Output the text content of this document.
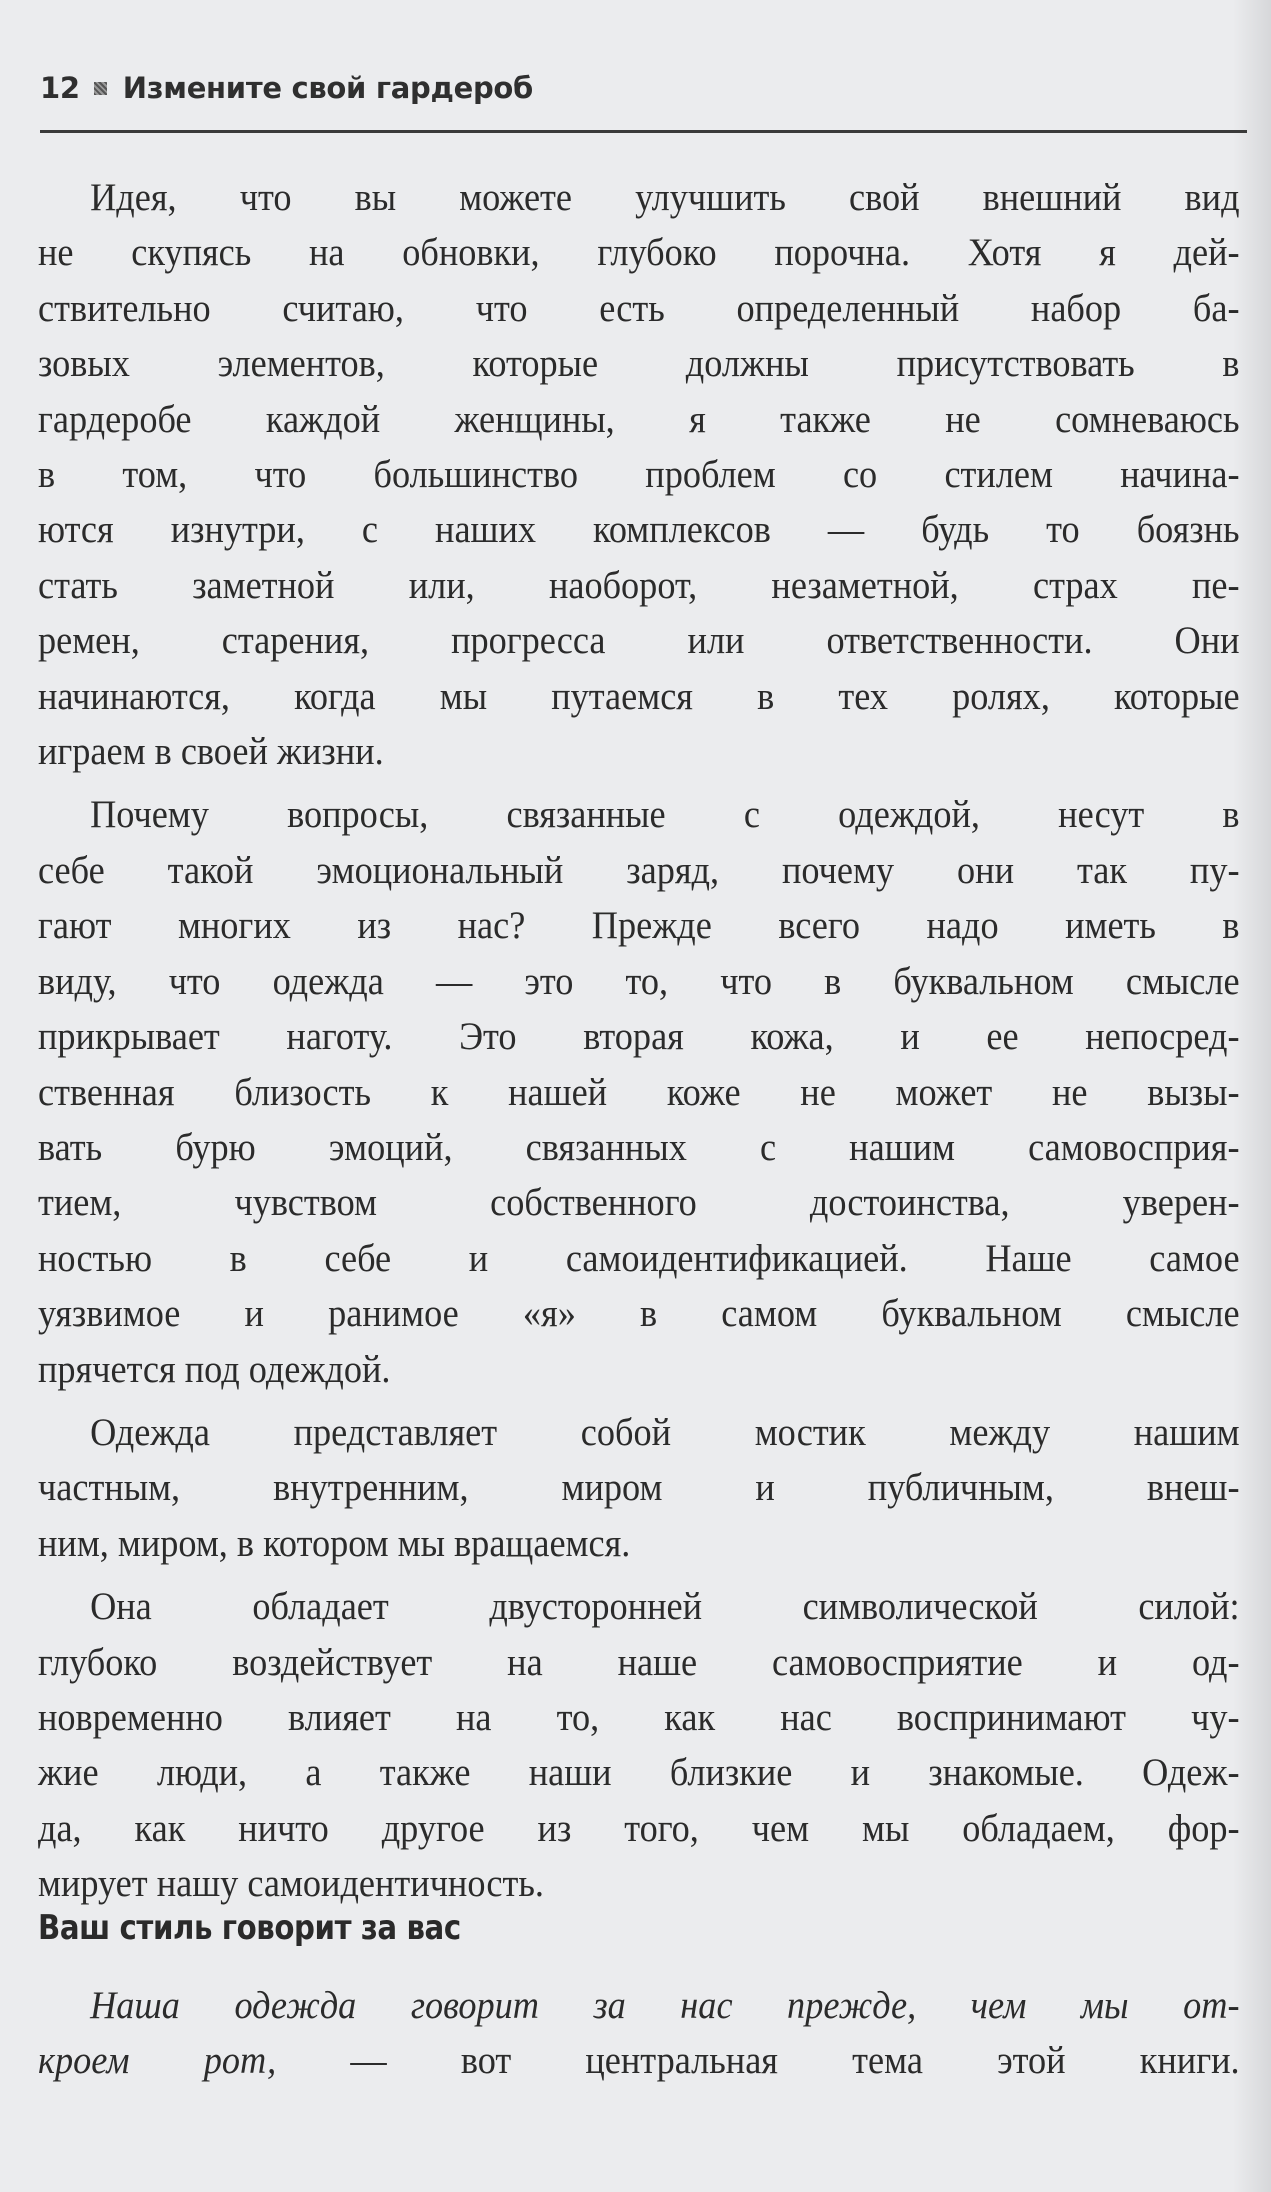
12 Измените свой гардероб
Идея, что вы можете улучшить свой внешний вид
не скупясь на обновки, глубоко порочна. Хотя я дей-
ствительно считаю, что есть определенный набор ба-
зовых элементов, которые должны присутствовать в
гардеробе каждой женщины, я также не сомневаюсь
в том, что большинство проблем со стилем начина-
ются изнутри, с наших комплексов — будь то боязнь
стать заметной или, наоборот, незаметной, страх пе-
ремен, старения, прогресса или ответственности. Они
начинаются, когда мы путаемся в тех ролях, которые
играем в своей жизни.
Почему вопросы, связанные с одеждой, несут в
себе такой эмоциональный заряд, почему они так пу-
гают многих из нас? Прежде всего надо иметь в
виду, что одежда — это то, что в буквальном смысле
прикрывает наготу. Это вторая кожа, и ее непосред-
ственная близость к нашей коже не может не вызы-
вать бурю эмоций, связанных с нашим самовосприя-
тием, чувством собственного достоинства, уверен-
ностью в себе и самоидентификацией. Наше самое
уязвимое и ранимое «я» в самом буквальном смысле
прячется под одеждой.
Одежда представляет собой мостик между нашим
частным, внутренним, миром и публичным, внеш-
ним, миром, в котором мы вращаемся.
Она обладает двусторонней символической силой:
глубоко воздействует на наше самовосприятие и од-
новременно влияет на то, как нас воспринимают чу-
жие люди, а также наши близкие и знакомые. Одеж-
да, как ничто другое из того, чем мы обладаем, фор-
мирует нашу самоидентичность.
Ваш стиль говорит за вас
Наша одежда говорит за нас прежде, чем мы от-
кроем рот, — вот центральная тема этой книги.
